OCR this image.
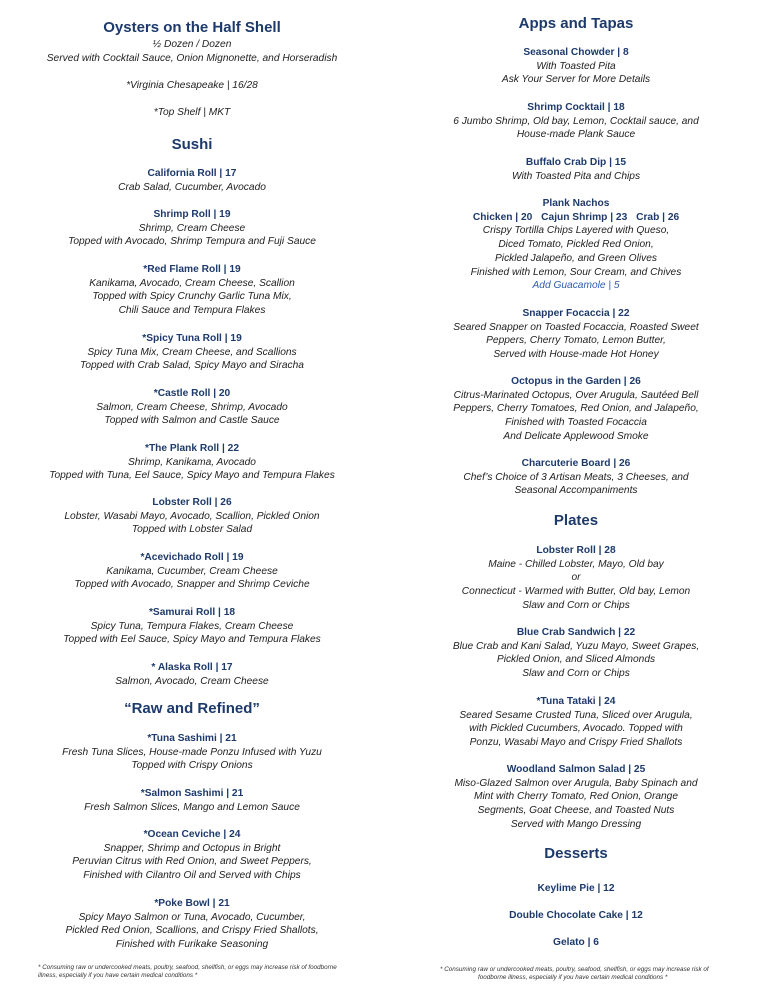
Oysters on the Half Shell
½ Dozen / Dozen
Served with Cocktail Sauce, Onion Mignonette, and Horseradish
*Virginia Chesapeake | 16/28
*Top Shelf | MKT
Sushi
California Roll | 17
Crab Salad, Cucumber, Avocado
Shrimp Roll | 19
Shrimp, Cream Cheese
Topped with Avocado, Shrimp Tempura and Fuji Sauce
*Red Flame Roll | 19
Kanikama, Avocado, Cream Cheese, Scallion
Topped with Spicy Crunchy Garlic Tuna Mix,
Chili Sauce and Tempura Flakes
*Spicy Tuna Roll | 19
Spicy Tuna Mix, Cream Cheese, and Scallions
Topped with Crab Salad, Spicy Mayo and Siracha
*Castle Roll | 20
Salmon, Cream Cheese, Shrimp, Avocado
Topped with Salmon and Castle Sauce
*The Plank Roll | 22
Shrimp, Kanikama, Avocado
Topped with Tuna, Eel Sauce, Spicy Mayo and Tempura Flakes
Lobster Roll | 26
Lobster, Wasabi Mayo, Avocado, Scallion, Pickled Onion
Topped with Lobster Salad
*Acevichado Roll | 19
Kanikama, Cucumber, Cream Cheese
Topped with Avocado, Snapper and Shrimp Ceviche
*Samurai Roll | 18
Spicy Tuna, Tempura Flakes, Cream Cheese
Topped with Eel Sauce, Spicy Mayo and Tempura Flakes
* Alaska Roll | 17
Salmon, Avocado, Cream Cheese
“Raw and Refined”
*Tuna Sashimi | 21
Fresh Tuna Slices, House-made Ponzu Infused with Yuzu
Topped with Crispy Onions
*Salmon Sashimi | 21
Fresh Salmon Slices, Mango and Lemon Sauce
*Ocean Ceviche | 24
Snapper, Shrimp and Octopus in Bright
Peruvian Citrus with Red Onion, and Sweet Peppers,
Finished with Cilantro Oil and Served with Chips
*Poke Bowl | 21
Spicy Mayo Salmon or Tuna, Avocado, Cucumber,
Pickled Red Onion, Scallions, and Crispy Fried Shallots,
Finished with Furikake Seasoning
* Consuming raw or undercooked meats, poultry, seafood, shellfish, or eggs may increase risk of foodborne
illness, especially if you have certain medical conditions *
Apps and Tapas
Seasonal Chowder | 8
With Toasted Pita
Ask Your Server for More Details
Shrimp Cocktail | 18
6 Jumbo Shrimp, Old bay, Lemon, Cocktail sauce, and
House-made Plank Sauce
Buffalo Crab Dip | 15
With Toasted Pita and Chips
Plank Nachos
Chicken | 20 Cajun Shrimp | 23 Crab | 26
Crispy Tortilla Chips Layered with Queso,
Diced Tomato, Pickled Red Onion,
Pickled Jalapeño, and Green Olives
Finished with Lemon, Sour Cream, and Chives
Add Guacamole | 5
Snapper Focaccia | 22
Seared Snapper on Toasted Focaccia, Roasted Sweet
Peppers, Cherry Tomato, Lemon Butter,
Served with House-made Hot Honey
Octopus in the Garden | 26
Citrus-Marinated Octopus, Over Arugula, Sautéed Bell
Peppers, Cherry Tomatoes, Red Onion, and Jalapeño,
Finished with Toasted Focaccia
And Delicate Applewood Smoke
Charcuterie Board | 26
Chef’s Choice of 3 Artisan Meats, 3 Cheeses, and
Seasonal Accompaniments
Plates
Lobster Roll | 28
Maine - Chilled Lobster, Mayo, Old bay
or
Connecticut - Warmed with Butter, Old bay, Lemon
Slaw and Corn or Chips
Blue Crab Sandwich | 22
Blue Crab and Kani Salad, Yuzu Mayo, Sweet Grapes,
Pickled Onion, and Sliced Almonds
Slaw and Corn or Chips
*Tuna Tataki | 24
Seared Sesame Crusted Tuna, Sliced over Arugula,
with Pickled Cucumbers, Avocado. Topped with
Ponzu, Wasabi Mayo and Crispy Fried Shallots
Woodland Salmon Salad | 25
Miso-Glazed Salmon over Arugula, Baby Spinach and
Mint with Cherry Tomato, Red Onion, Orange
Segments, Goat Cheese, and Toasted Nuts
Served with Mango Dressing
Desserts
Keylime Pie | 12
Double Chocolate Cake | 12
Gelato | 6
* Consuming raw or undercooked meats, poultry, seafood, shellfish, or eggs may increase risk of
foodborne illness, especially if you have certain medical conditions *
